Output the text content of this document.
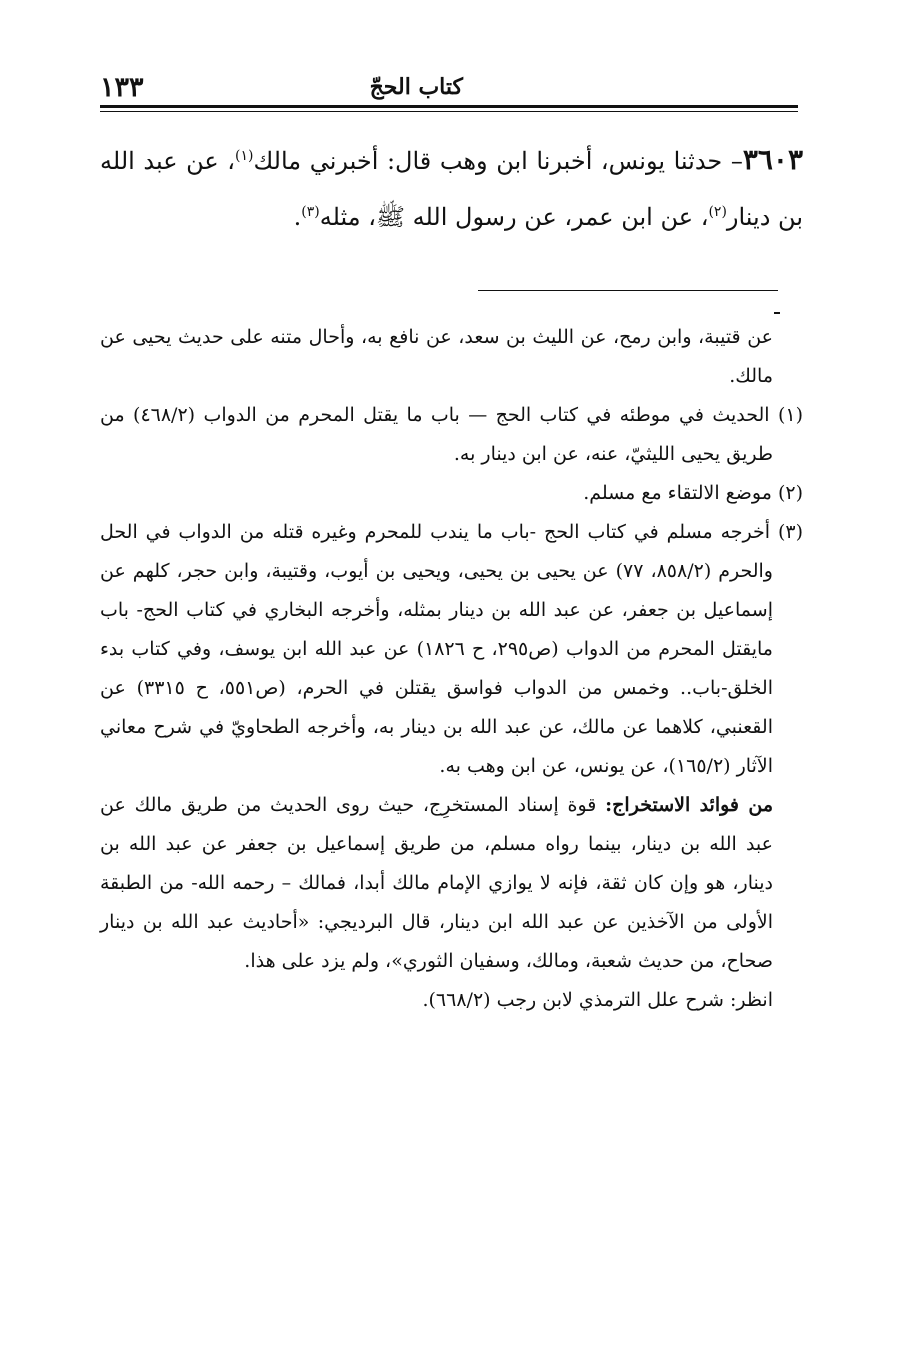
كتاب الحجّ
١٣٣
٣٦٠٣– حدثنا يونس، أخبرنا ابن وهب قال: أخبرني مالك$^{(١)}$، عن عبد الله بن دينار$^{(٢)}$، عن ابن عمر، عن رسول الله ﷺ، مثله$^{(٣)}$.

عن قتيبة، وابن رمح، عن الليث بن سعد، عن نافع به، وأحال متنه على حديث يحيى عن مالك.

(١) الحديث في موطئه في كتاب الحج — باب ما يقتل المحرم من الدواب (٤٦٨/٢) من طريق يحيى الليثيّ، عنه، عن ابن دينار به.

(٢) موضع الالتقاء مع مسلم.

(٣) أخرجه مسلم في كتاب الحج -باب ما يندب للمحرم وغيره قتله من الدواب في الحل والحرم (٨٥٨/٢، ٧٧) عن يحيى بن يحيى، ويحيى بن أيوب، وقتيبة، وابن حجر، كلهم عن إسماعيل بن جعفر، عن عبد الله بن دينار بمثله، وأخرجه البخاري في كتاب الحج- باب مايقتل المحرم من الدواب (ص٢٩٥، ح ١٨٢٦) عن عبد الله ابن يوسف، وفي كتاب بدء الخلق-باب.. وخمس من الدواب فواسق يقتلن في الحرم، (ص٥٥١، ح ٣٣١٥) عن القعنبي، كلاهما عن مالك، عن عبد الله بن دينار به، وأخرجه الطحاويّ في شرح معاني الآثار (١٦٥/٢)، عن يونس، عن ابن وهب به.

من فوائد الاستخراج: قوة إسناد المستخرِج، حيث روى الحديث من طريق مالك عن عبد الله بن دينار، بينما رواه مسلم، من طريق إسماعيل بن جعفر عن عبد الله بن دينار، هو وإن كان ثقة، فإنه لا يوازي الإمام مالك أبدا، فمالك – رحمه الله- من الطبقة الأولى من الآخذين عن عبد الله ابن دينار، قال البرديجي: «أحاديث عبد الله بن دينار صحاح، من حديث شعبة، ومالك، وسفيان الثوري»، ولم يزد على هذا.

انظر: شرح علل الترمذي لابن رجب (٦٦٨/٢).
